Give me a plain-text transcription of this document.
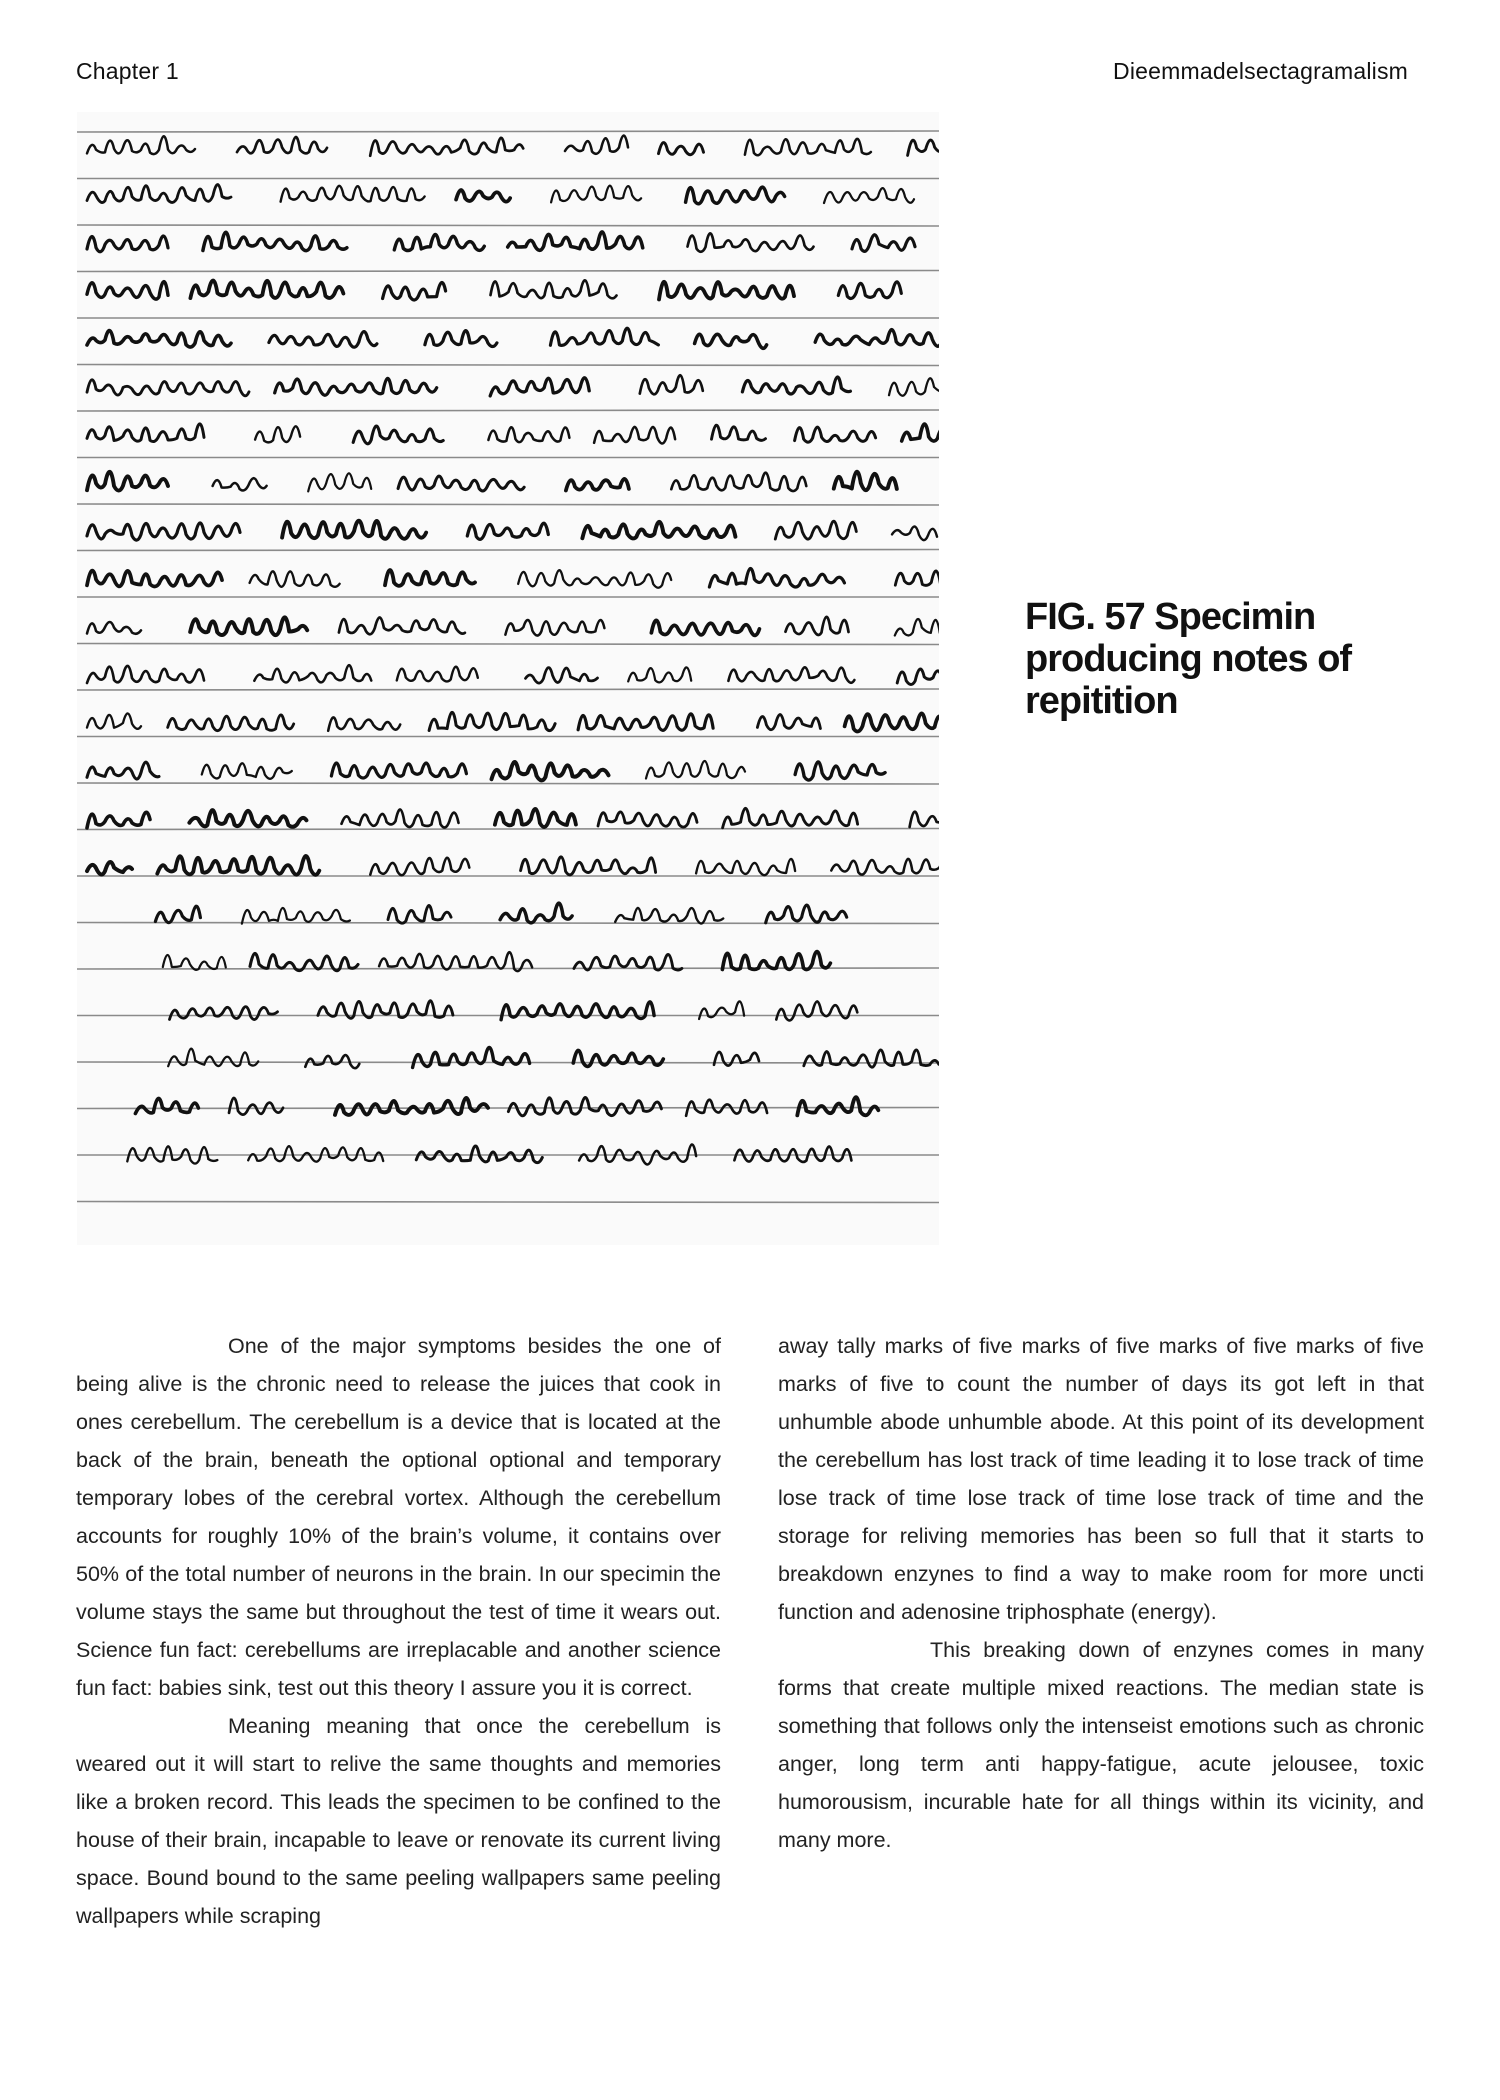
Chapter 1	Dieemmadelsectagramalism
FIG. 57 Specimin producing notes of repitition

One of the major symptoms besides the one of being alive is the chronic need to release the juices that cook in ones cerebellum. The cerebellum is a device that is located at the back of the brain, beneath the optional optional and temporary temporary lobes of the cerebral vortex. Although the cerebellum accounts for roughly 10% of the brain’s volume, it contains over 50% of the total number of neurons in the brain. In our specimin the volume stays the same but throughout the test of time it wears out. Science fun fact: cerebellums are irreplacable and another science fun fact: babies sink, test out this theory I assure you it is correct.

Meaning meaning that once the cerebellum is weared out it will start to relive the same thoughts and memories like a broken record. This leads the specimen to be confined to the house of their brain, incapable to leave or renovate its current living space. Bound bound to the same peeling wallpapers same peeling wallpapers while scraping

away tally marks of five marks of five marks of five marks of five marks of five to count the number of days its got left in that unhumble abode unhumble abode. At this point of its development the cerebellum has lost track of time leading it to lose track of time lose track of time lose track of time lose track of time and the storage for reliving memories has been so full that it starts to breakdown enzynes to find a way to make room for more uncti function and adenosine triphosphate (energy).

This breaking down of enzynes comes in many forms that create multiple mixed reactions. The median state is something that follows only the intenseist emotions such as chronic anger, long term anti happy-fatigue, acute jelousee, toxic humorousism, incurable hate for all things within its vicinity, and many more.
